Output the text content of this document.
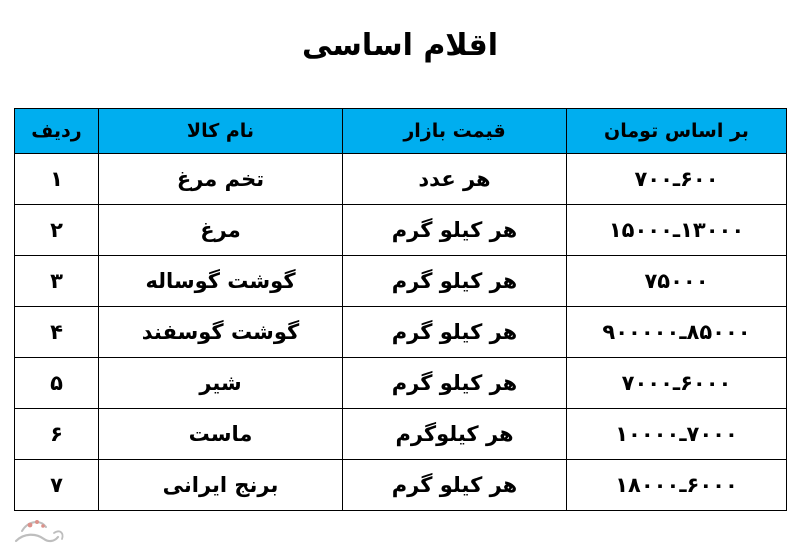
اقلام اساسی
بر اساس تومان	قیمت بازار	نام کالا	ردیف
۶۰۰ـ۷۰۰	هر عدد	تخم مرغ	۱
۱۳۰۰۰ـ۱۵۰۰۰	هر کیلو گرم	مرغ	۲
۷۵۰۰۰	هر کیلو گرم	گوشت گوساله	۳
۸۵۰۰۰ـ۹۰۰۰۰۰	هر کیلو گرم	گوشت گوسفند	۴
۶۰۰۰ـ۷۰۰۰	هر کیلو گرم	شیر	۵
۷۰۰۰ـ۱۰۰۰۰	هر کیلوگرم	ماست	۶
۶۰۰۰ـ۱۸۰۰۰	هر کیلو گرم	برنج ایرانی	۷
